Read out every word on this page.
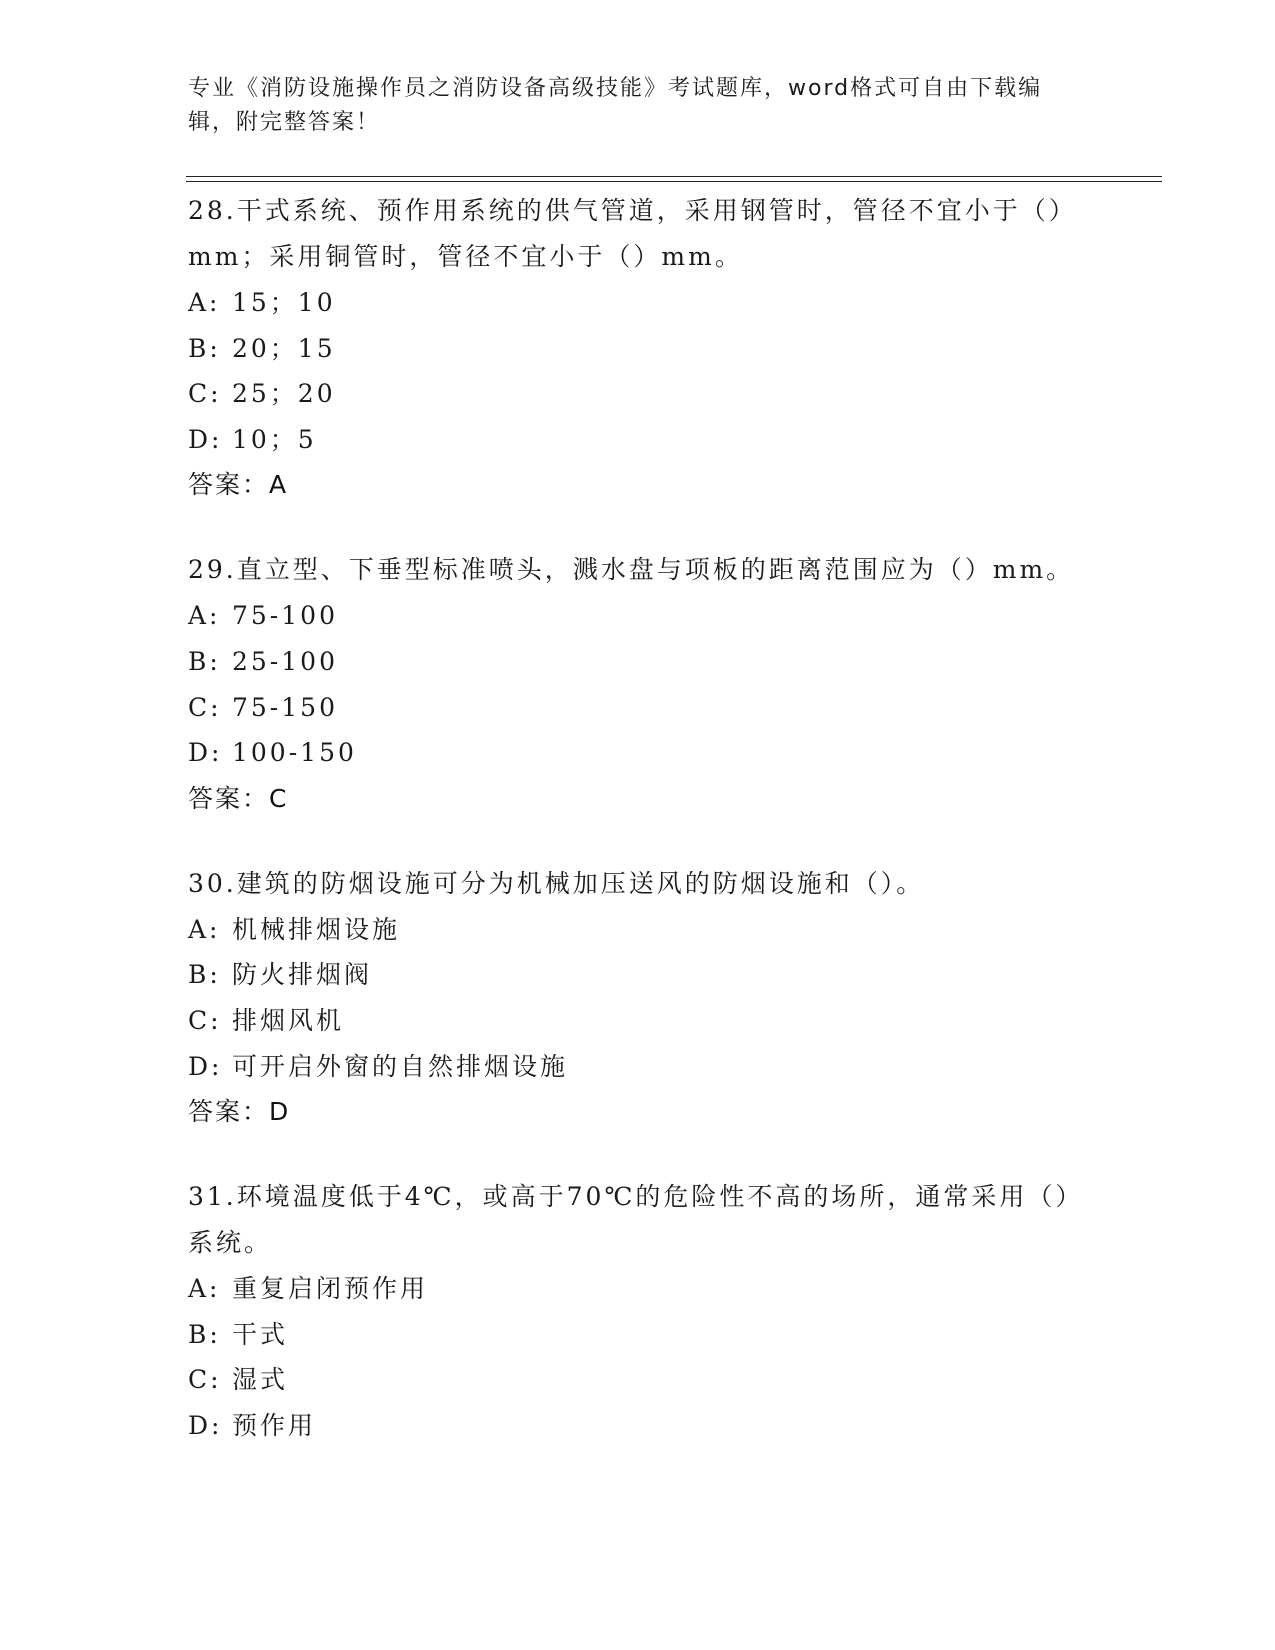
专业《消防设施操作员之消防设备高级技能》考试题库，word格式可自由下载编辑，附完整答案！
28.干式系统、预作用系统的供气管道，采用钢管时，管径不宜小于（）mm；采用铜管时，管径不宜小于（）mm。
A: 15；10
B: 20；15
C: 25；20
D: 10；5
答案：A
29.直立型、下垂型标准喷头，溅水盘与项板的距离范围应为（）mm。
A: 75-100
B: 25-100
C: 75-150
D: 100-150
答案：C
30.建筑的防烟设施可分为机械加压送风的防烟设施和（）。
A: 机械排烟设施
B: 防火排烟阀
C: 排烟风机
D: 可开启外窗的自然排烟设施
答案：D
31.环境温度低于4℃，或高于70℃的危险性不高的场所，通常采用（）系统。
A: 重复启闭预作用
B: 干式
C: 湿式
D: 预作用
